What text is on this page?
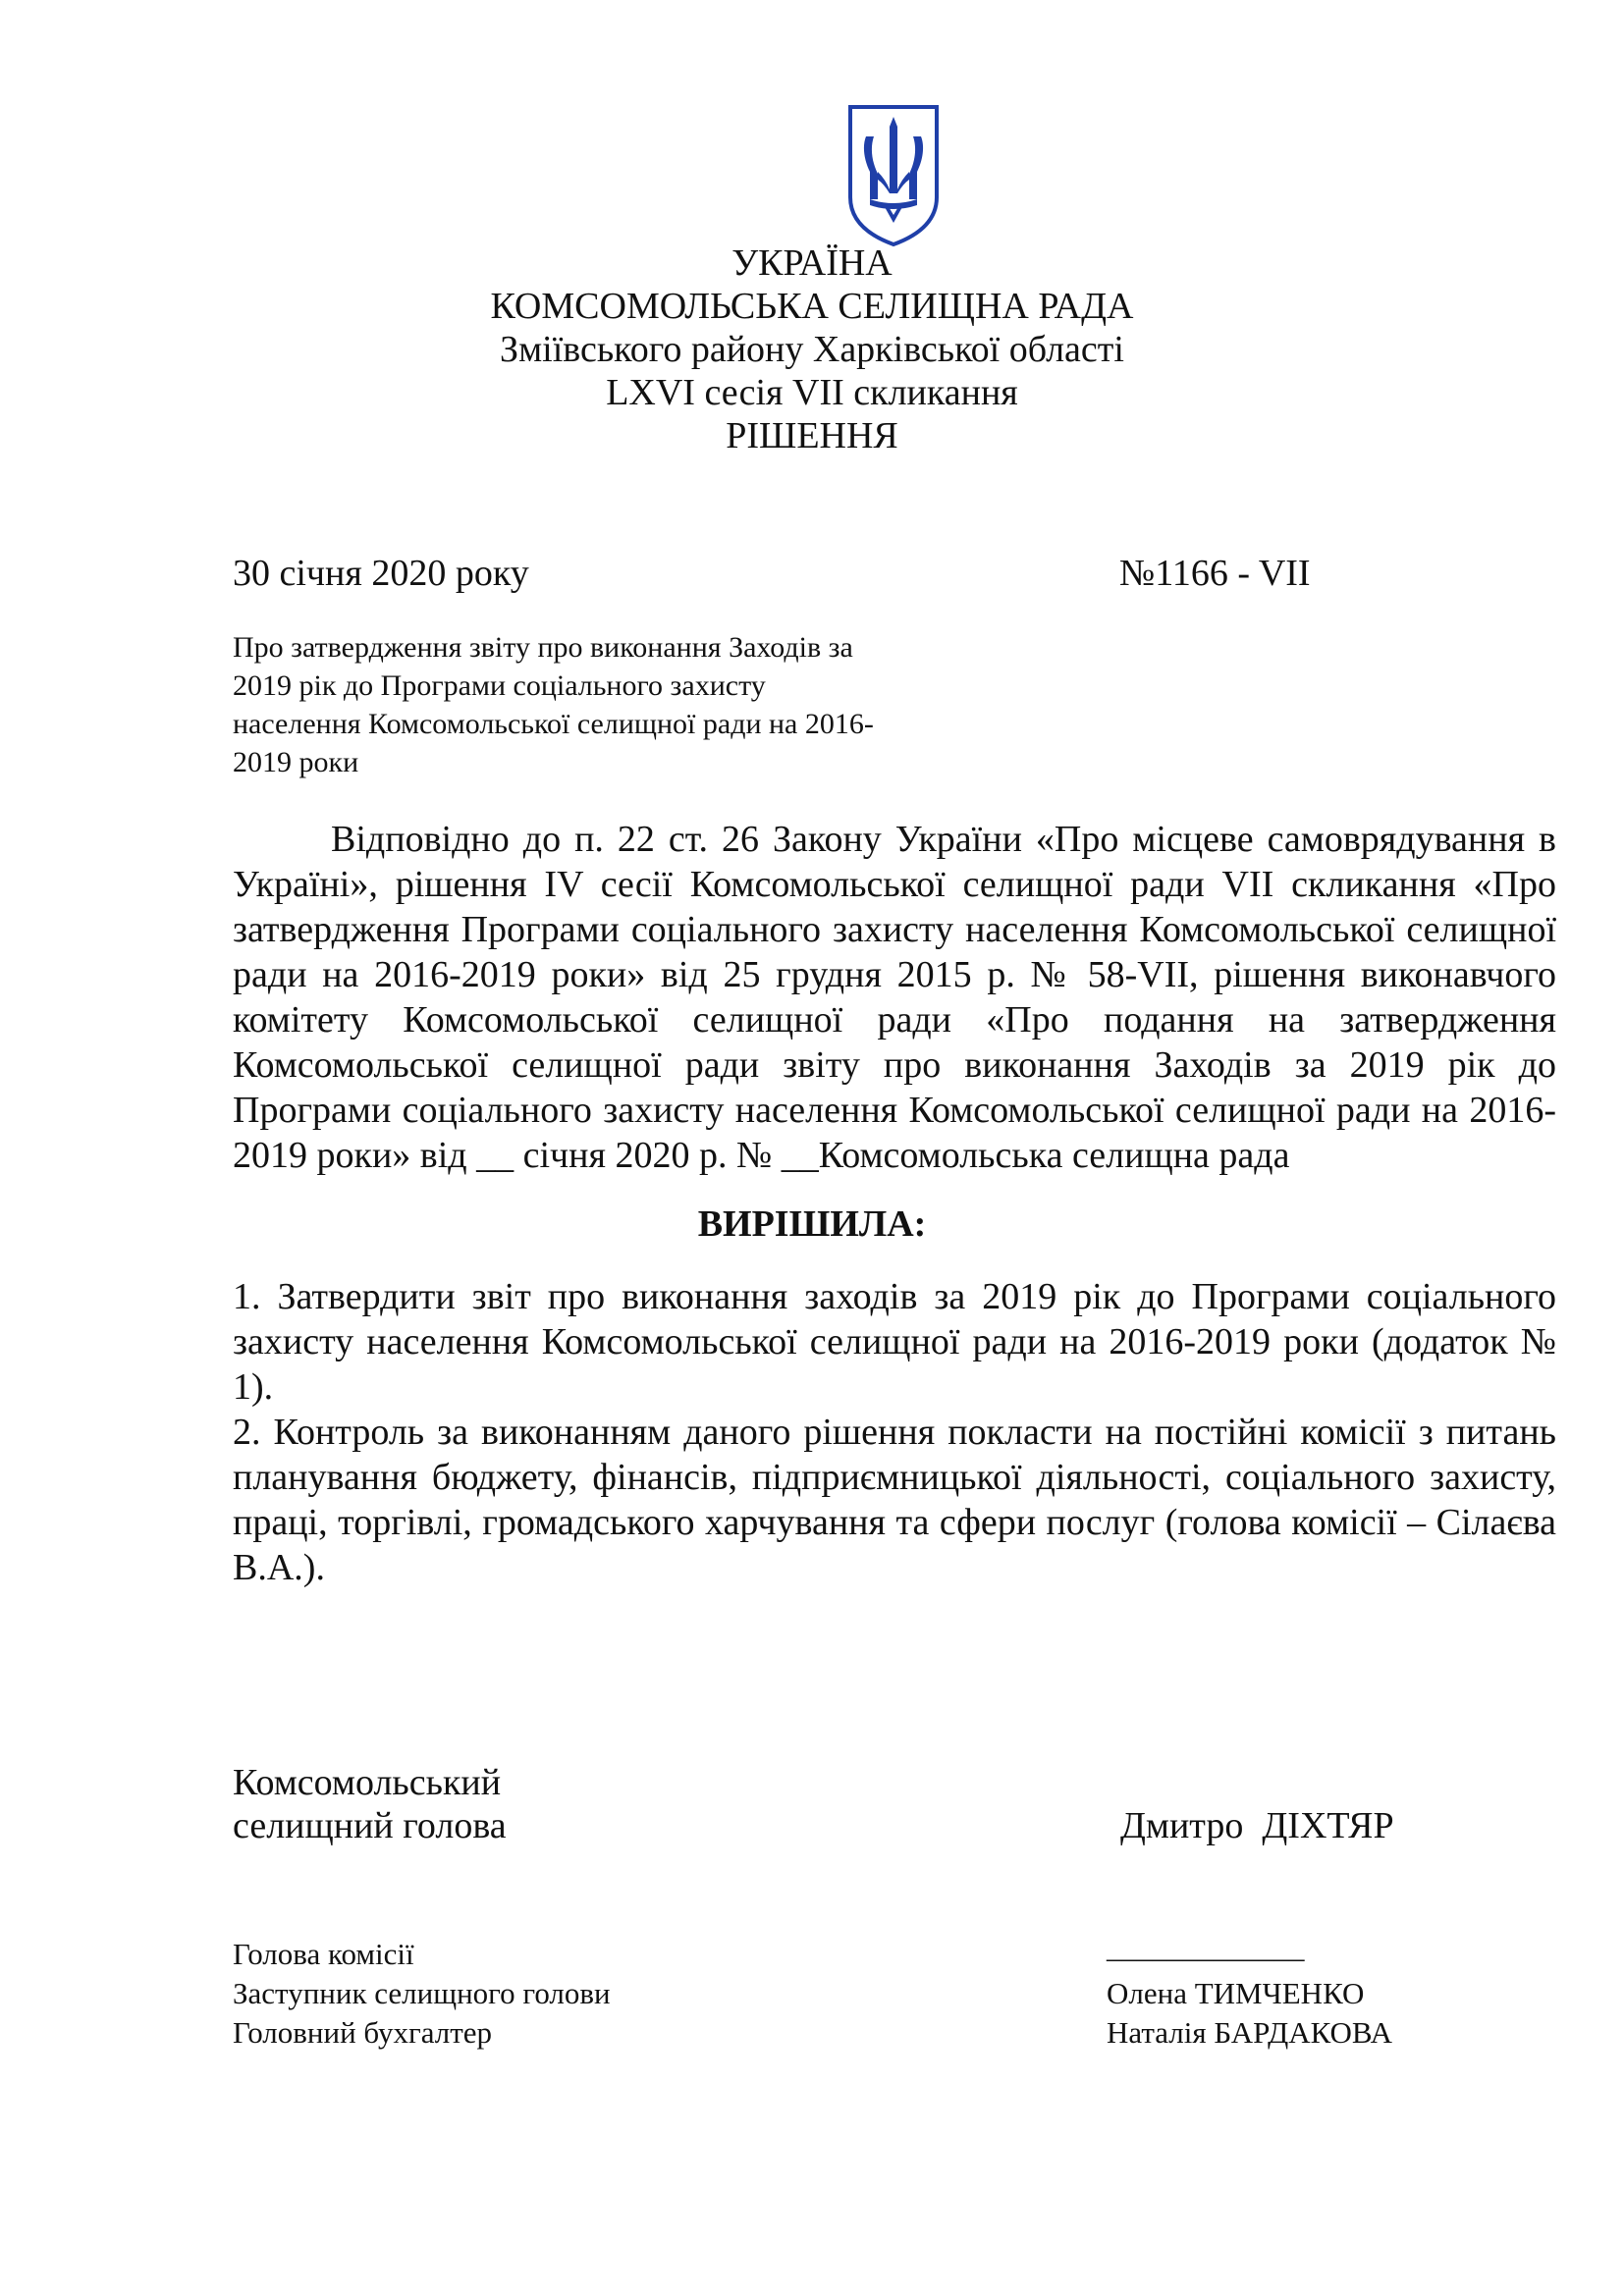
УКРАЇНА
КОМСОМОЛЬСЬКА СЕЛИЩНА РАДА
Зміївського району Харківської області
LXVI сесія VII скликання
РІШЕННЯ
30 січня 2020 року	№1166 - VII
Про затвердження звіту про виконання Заходів за
2019 рік до Програми соціального захисту
населення Комсомольської селищної ради на 2016-
2019 роки
Відповідно до п. 22 ст. 26 Закону України «Про місцеве самоврядування в Україні», рішення IV сесії Комсомольської селищної ради VII скликання «Про затвердження Програми соціального захисту населення Комсомольської селищної ради на 2016-2019 роки» від 25 грудня 2015 р. № 58-VII, рішення виконавчого комітету Комсомольської селищної ради «Про подання на затвердження Комсомольської селищної ради звіту про виконання Заходів за 2019 рік до Програми соціального захисту населення Комсомольської селищної ради на 2016-2019 роки» від __ січня 2020 р. № __Комсомольська селищна рада
ВИРІШИЛА:
1. Затвердити звіт про виконання заходів за 2019 рік до Програми соціального захисту населення Комсомольської селищної ради на 2016-2019 роки (додаток № 1).
2. Контроль за виконанням даного рішення покласти на постійні комісії з питань планування бюджету, фінансів, підприємницької діяльності, соціального захисту, праці, торгівлі, громадського харчування та сфери послуг (голова комісії – Сілаєва В.А.).
Комсомольський
селищний голова	Дмитро  ДІХТЯР
Голова комісії
Заступник селищного голови
Головний бухгалтер
_____________
Олена ТИМЧЕНКО
Наталія БАРДАКОВА
